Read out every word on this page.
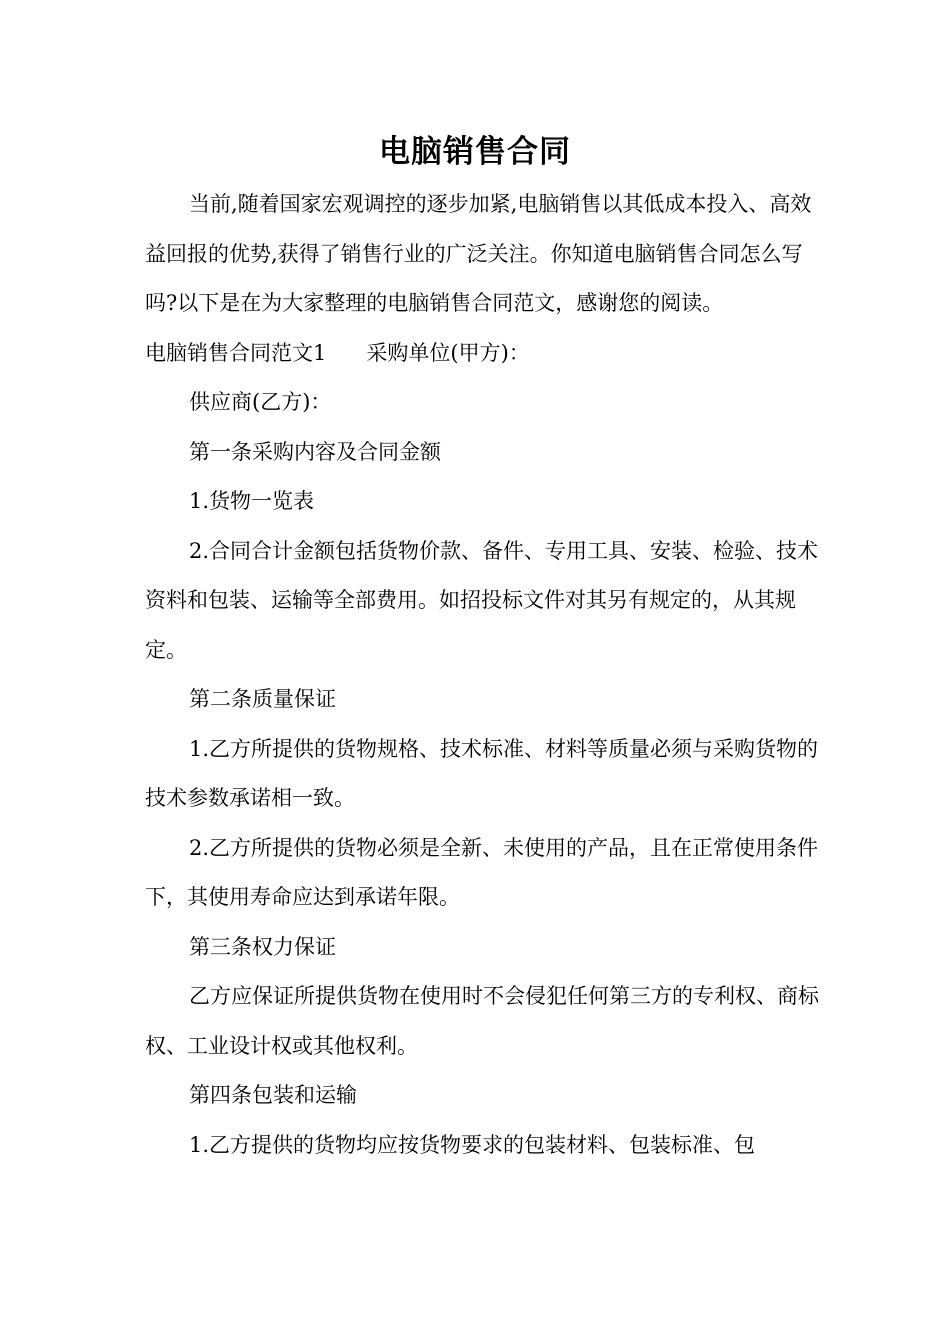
电脑销售合同

当前,随着国家宏观调控的逐步加紧,电脑销售以其低成本投入、高效益回报的优势,获得了销售行业的广泛关注。你知道电脑销售合同怎么写吗?以下是在为大家整理的电脑销售合同范文，感谢您的阅读。

电脑销售合同范文1 采购单位(甲方)：

供应商(乙方)：

第一条采购内容及合同金额

1.货物一览表

2.合同合计金额包括货物价款、备件、专用工具、安装、检验、技术资料和包装、运输等全部费用。如招投标文件对其另有规定的，从其规定。

第二条质量保证

1.乙方所提供的货物规格、技术标准、材料等质量必须与采购货物的技术参数承诺相一致。

2.乙方所提供的货物必须是全新、未使用的产品，且在正常使用条件下，其使用寿命应达到承诺年限。

第三条权力保证

乙方应保证所提供货物在使用时不会侵犯任何第三方的专利权、商标权、工业设计权或其他权利。

第四条包装和运输

1.乙方提供的货物均应按货物要求的包装材料、包装标准、包
